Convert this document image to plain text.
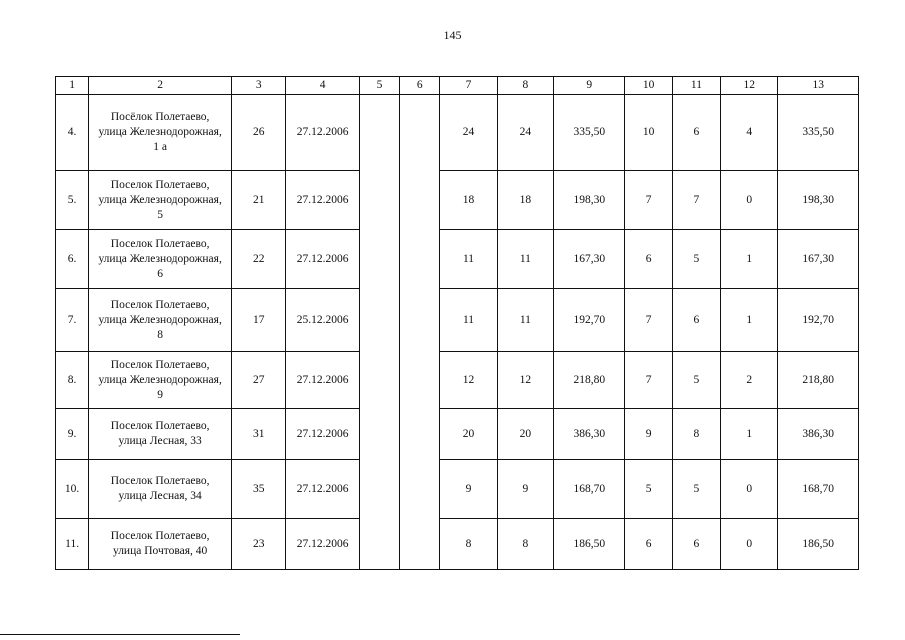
145
1	2	3	4	5	6	7	8	9	10	11	12	13
4.	Посёлок Полетаево,
улица Железнодорожная,
1 а	26	27.12.2006			24	24	335,50	10	6	4	335,50
5.	Поселок Полетаево,
улица Железнодорожная,
5	21	27.12.2006			18	18	198,30	7	7	0	198,30
6.	Поселок Полетаево,
улица Железнодорожная,
6	22	27.12.2006			11	11	167,30	6	5	1	167,30
7.	Поселок Полетаево,
улица Железнодорожная,
8	17	25.12.2006			11	11	192,70	7	6	1	192,70
8.	Поселок Полетаево,
улица Железнодорожная,
9	27	27.12.2006			12	12	218,80	7	5	2	218,80
9.	Поселок Полетаево,
улица Лесная, 33	31	27.12.2006			20	20	386,30	9	8	1	386,30
10.	Поселок Полетаево,
улица Лесная, 34	35	27.12.2006			9	9	168,70	5	5	0	168,70
11.	Поселок Полетаево,
улица Почтовая, 40	23	27.12.2006			8	8	186,50	6	6	0	186,50
